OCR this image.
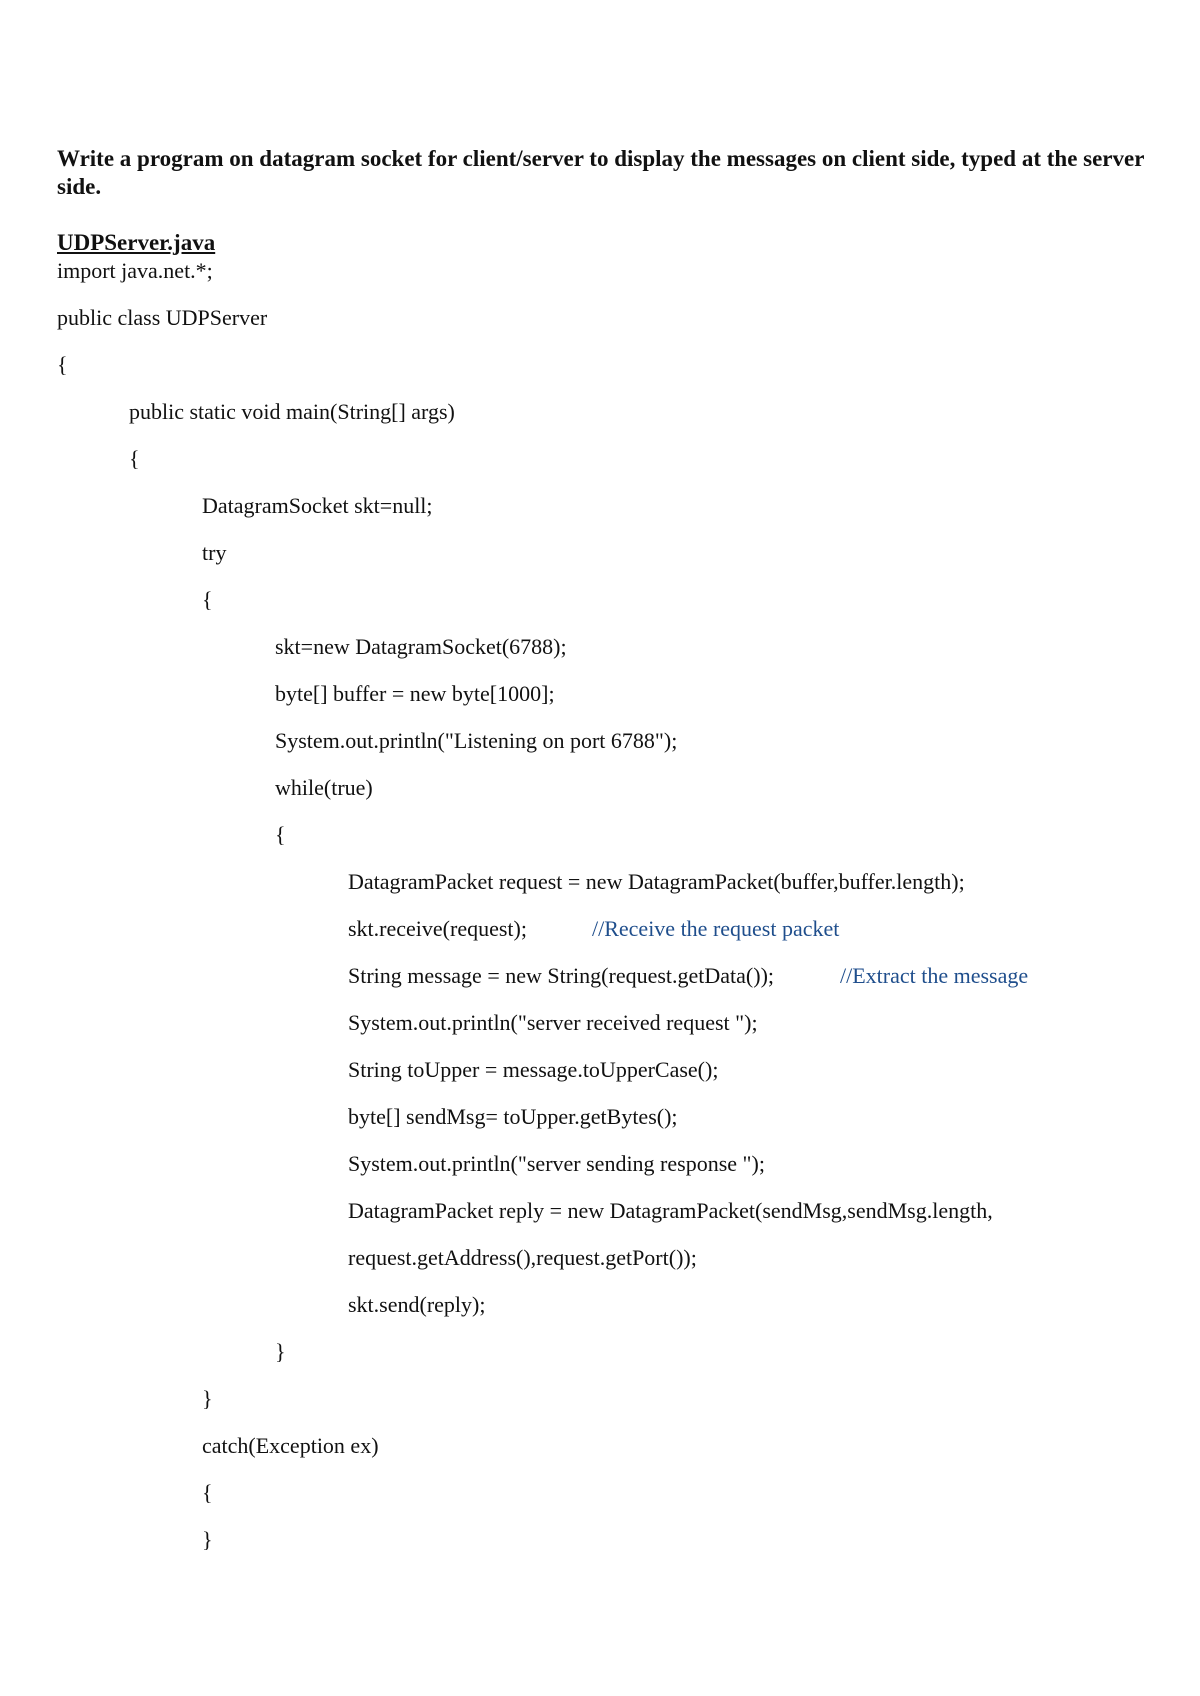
Write a program on datagram socket for client/server to display the messages on client side, typed at the server side.
UDPServer.java
import java.net.*;
public class UDPServer
{
public static void main(String[] args)
{
DatagramSocket skt=null;
try
{
skt=new DatagramSocket(6788);
byte[] buffer = new byte[1000];
System.out.println("Listening on port 6788");
while(true)
{
DatagramPacket request = new DatagramPacket(buffer,buffer.length);
skt.receive(request);	//Receive the request packet
String message = new String(request.getData());	//Extract the message
System.out.println("server received request ");
String toUpper = message.toUpperCase();
byte[] sendMsg= toUpper.getBytes();
System.out.println("server sending response ");
DatagramPacket reply = new DatagramPacket(sendMsg,sendMsg.length,
request.getAddress(),request.getPort());
skt.send(reply);
}
}
catch(Exception ex)
{
}
